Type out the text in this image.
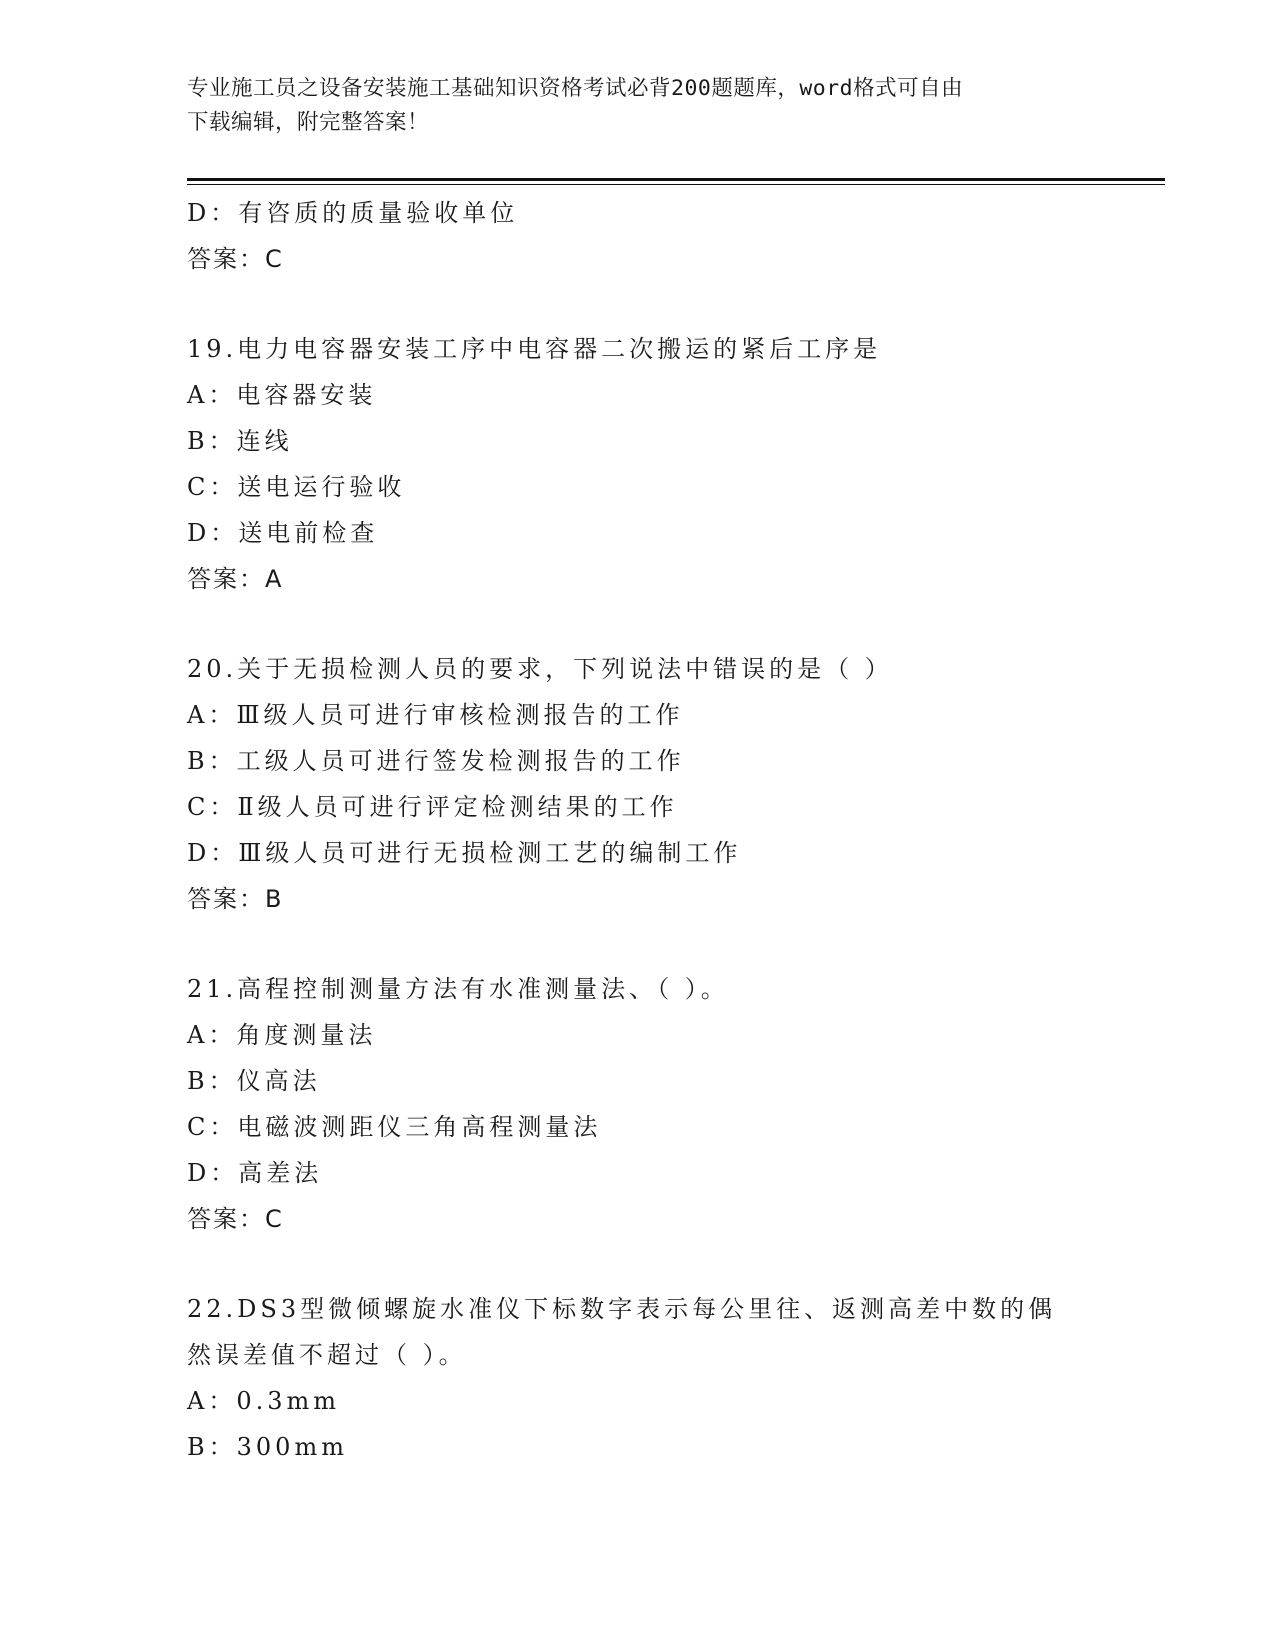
专业施工员之设备安装施工基础知识资格考试必背200题题库，word格式可自由
下载编辑，附完整答案！
D：有咨质的质量验收单位
答案：C
19.电力电容器安装工序中电容器二次搬运的紧后工序是
A：电容器安装
B：连线
C：送电运行验收
D：送电前检查
答案：A
20.关于无损检测人员的要求，下列说法中错误的是（ ）
A：Ⅲ级人员可进行审核检测报告的工作
B：工级人员可进行签发检测报告的工作
C：Ⅱ级人员可进行评定检测结果的工作
D：Ⅲ级人员可进行无损检测工艺的编制工作
答案：B
21.高程控制测量方法有水准测量法、（ ）。
A：角度测量法
B：仪高法
C：电磁波测距仪三角高程测量法
D：高差法
答案：C
22.DS3型微倾螺旋水准仪下标数字表示每公里往、返测高差中数的偶
然误差值不超过（ ）。
A：0.3mm
B：300mm
